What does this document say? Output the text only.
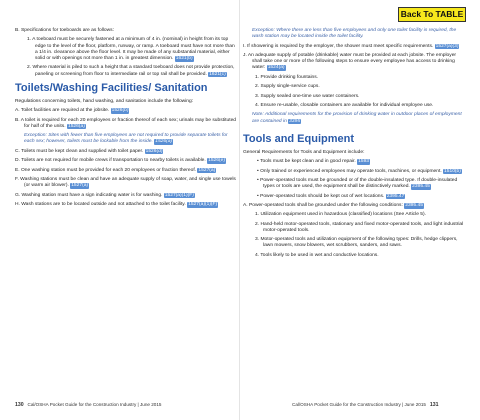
Back To TABLE

B. Specifications for toeboards are as follows:

1. A toeboard must be securely fastened at a minimum of 4 in. (nominal) in height from its top edge to the level of the floor, platform, runway, or ramp. A toeboard must have not more than a 1/4 in. clearance above the floor level. It may be made of any substantial material, either solid or with openings not more than 1 in. in greatest dimension. 1621(b)

2. Where material is piled to such a height that a standard toeboard does not provide protection, paneling or screening from floor to intermediate rail or top rail shall be provided. 1621(c)

Toilets/Washing Facilities/ Sanitation

Regulations concerning toilets, hand washing, and sanitation include the following:

A. Toilet facilities are required at the jobsite. 1526(b)

B. A toilet is required for each 20 employees or fraction thereof of each sex; urinals may be substituted for half of the units. 1526(a)

Exception: Sites with fewer than five employees are not required to provide separate toilets for each sex; however, toilets must be lockable from the inside. 1526(a)

C. Toilets must be kept clean and supplied with toilet paper. 1526(d)

D. Toilets are not required for mobile crews if transportation to nearby toilets is available. 1526(e)

E. One washing station must be provided for each 20 employees or fraction thereof. 1527(a)

F. Washing stations must be clean and have an adequate supply of soap, water, and single use towels (or warm air blower). 1527(a)

G. Washing station must have a sign indicating water is for washing. 1527(a)(1)(F)

H. Wash stations are to be located outside and not attached to the toilet facility. 1527(a)(1)(F)

Exception: Where there are less than five employees and only one toilet facility is required, the wash station may be located inside the toilet facility.

I. If showering is required by the employer, the shower must meet specific requirements. 1527(a)(3)

J. An adequate supply of potable (drinkable) water must be provided at each jobsite. The employer shall take one or more of the following steps to ensure every employee has access to drinking water: 1524(a)

1. Provide drinking fountains.

2. Supply single-service cups.

3. Supply sealed one-time use water containers.

4. Ensure re-usable, closable containers are available for individual employee use.

Note: Additional requirements for the provision of drinking water in outdoor places of employment are contained in 3395

Tools and Equipment

General Requirements for Tools and Equipment include:

• Tools must be kept clean and in good repair. 1593

• Only trained or experienced employees may operate tools, machines, or equipment. 1510(b)

• Power-operated tools must be grounded or of the double-insulated type. If double-insulated types or tools are used, the equipment shall be distinctively marked. 2395.45

• Power-operated tools should be kept out of wet locations. 2395.47

A. Power-operated tools shall be grounded under the following conditions: 2395.45

1. Utilization equipment used in hazardous (classified) locations (See Article 5).

2. Hand-held motor-operated tools, stationary and fixed motor-operated tools, and light industrial motor-operated tools.

3. Motor-operated tools and utilization equipment of the following types: Drills, hedge clippers, lawn mowers, snow blowers, wet scrubbers, sanders, and saws.

4. Tools likely to be used in wet and conductive locations.

130 Cal/OSHA Pocket Guide for the Construction Industry | June 2015	Cal/OSHA Pocket Guide for the Construction Industry | June 2015 131
